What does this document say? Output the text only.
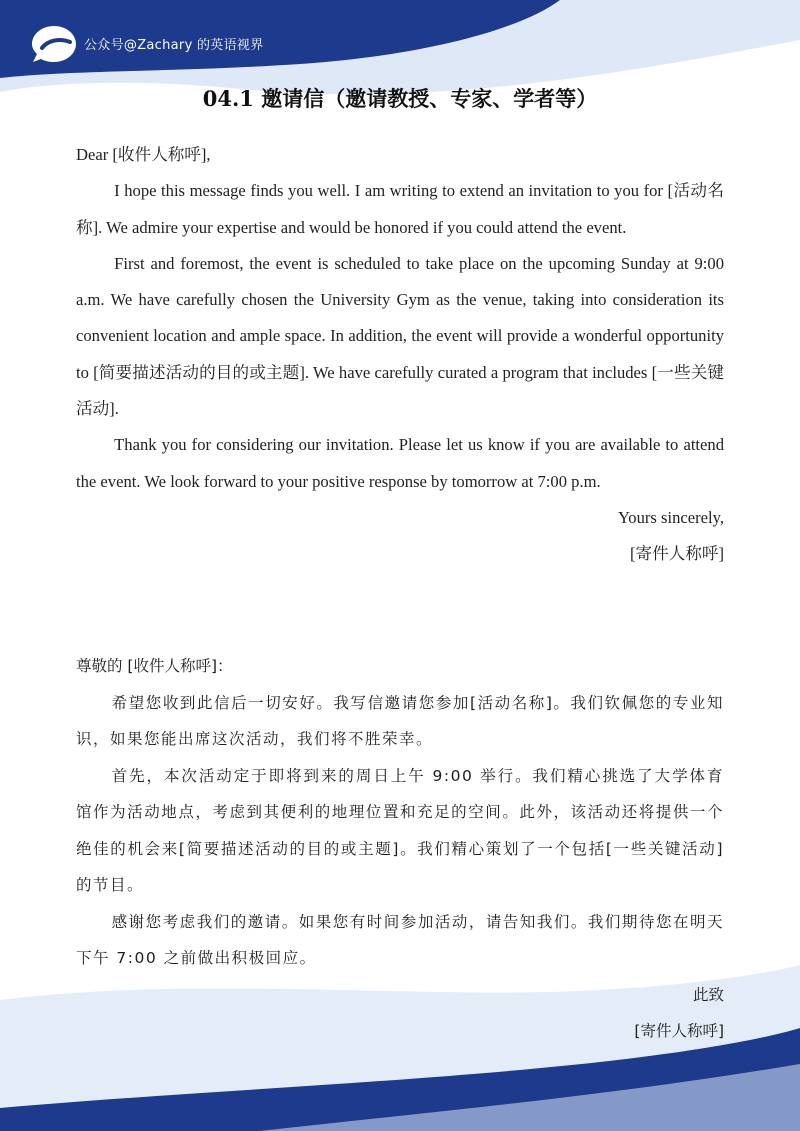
公众号@Zachary 的英语视界
04.1 邀请信（邀请教授、专家、学者等）

Dear [收件人称呼],

I hope this message finds you well. I am writing to extend an invitation to you for [活动名称]. We admire your expertise and would be honored if you could attend the event.

First and foremost, the event is scheduled to take place on the upcoming Sunday at 9:00 a.m. We have carefully chosen the University Gym as the venue, taking into consideration its convenient location and ample space. In addition, the event will provide a wonderful opportunity to [简要描述活动的目的或主题]. We have carefully curated a program that includes [一些关键活动].

Thank you for considering our invitation. Please let us know if you are available to attend the event. We look forward to your positive response by tomorrow at 7:00 p.m.

Yours sincerely,

[寄件人称呼]

尊敬的 [收件人称呼]：

希望您收到此信后一切安好。我写信邀请您参加[活动名称]。我们钦佩您的专业知识，如果您能出席这次活动，我们将不胜荣幸。

首先，本次活动定于即将到来的周日上午 9:00 举行。我们精心挑选了大学体育馆作为活动地点，考虑到其便利的地理位置和充足的空间。此外，该活动还将提供一个绝佳的机会来[简要描述活动的目的或主题]。我们精心策划了一个包括[一些关键活动]的节目。

感谢您考虑我们的邀请。如果您有时间参加活动，请告知我们。我们期待您在明天下午 7:00 之前做出积极回应。

此致

[寄件人称呼]
